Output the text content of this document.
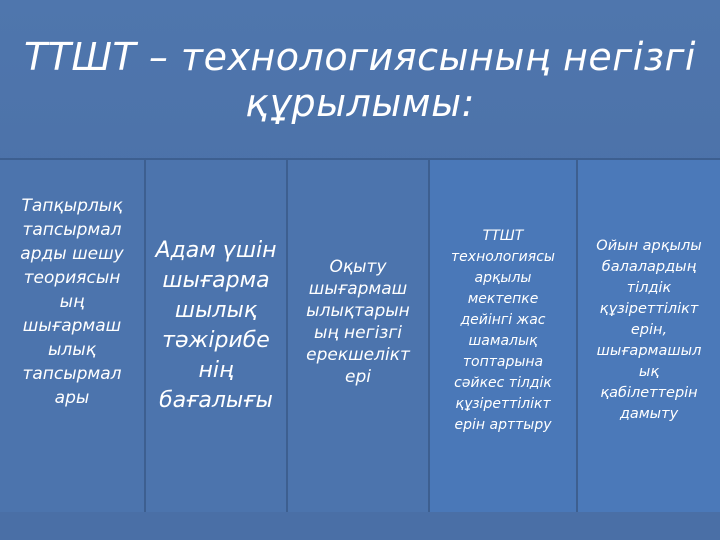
ТТШТ – технологиясының негізгі
құрылымы:
Тапқырлық
тапсырмал
арды шешу
теориясын
ың
шығармаш
ылық
тапсырмал
ары
Адам үшін
шығарма
шылық
тәжірибе
нің
бағалығы
Оқыту
шығармаш
ылықтарын
ың негізгі
ерекшелікт
ері
ТТШТ
технологиясы
арқылы
мектепке
дейінгі жас
шамалық
топтарына
сәйкес тілдік
құзіреттілікт
ерін арттыру
Ойын арқылы
балалардың
тілдік
құзіреттілікт
ерін,
шығармашыл
ық
қабілеттерін
дамыту
